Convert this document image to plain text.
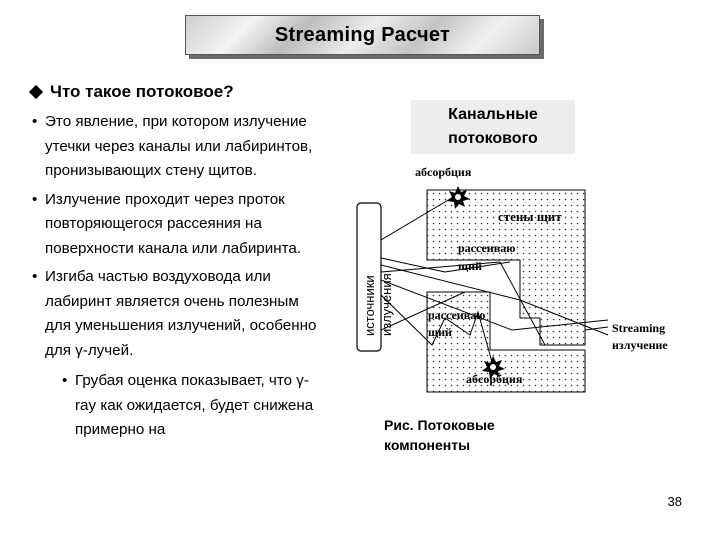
Streaming Расчет
Что такое потоковое?
• Это явление, при котором излучение утечки через каналы или лабиринтов, пронизывающих стену щитов.
• Излучение проходит через проток повторяющегося рассеяния на поверхности канала или лабиринта.
• Изгиба частью воздуховода или лабиринт является очень полезным для уменьшения излучений, особенно для γ-лучей.
• Грубая оценка показывает, что γ-ray как ожидается, будет снижена примерно на
Канальные потокового
абсорбция
стены щит
рассеиваю
щий
рассеиваю
щий
абсорбция
Streaming
излучение
источники излучения
Рис. Потоковые компоненты
38
